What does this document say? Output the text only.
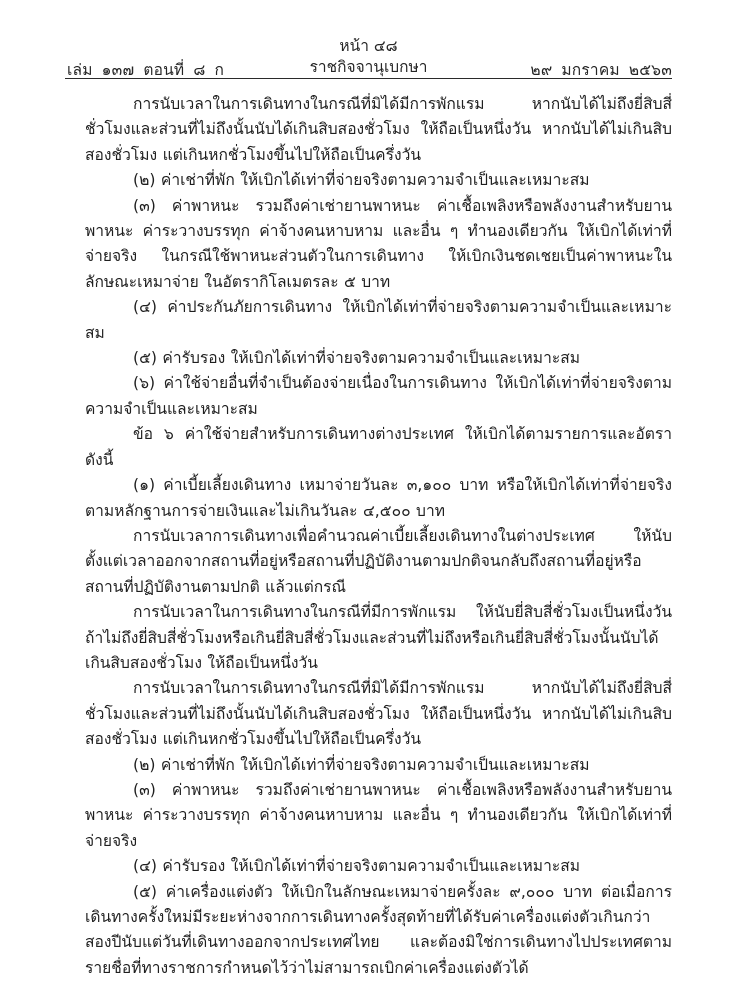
หน้า ๔๘
ราชกิจจานุเบกษา
เล่ม ๑๓๗ ตอนที่ ๘ ก	๒๙ มกราคม ๒๕๖๓

การนับเวลาในการเดินทางในกรณีที่มิได้มีการพักแรม หากนับได้ไม่ถึงยี่สิบสี่ชั่วโมงและส่วนที่ไม่ถึงนั้นนับได้เกินสิบสองชั่วโมง ให้ถือเป็นหนึ่งวัน หากนับได้ไม่เกินสิบสองชั่วโมง แต่เกินหกชั่วโมงขึ้นไปให้ถือเป็นครึ่งวัน

(๒) ค่าเช่าที่พัก ให้เบิกได้เท่าที่จ่ายจริงตามความจำเป็นและเหมาะสม

(๓) ค่าพาหนะ รวมถึงค่าเช่ายานพาหนะ ค่าเชื้อเพลิงหรือพลังงานสำหรับยานพาหนะ ค่าระวางบรรทุก ค่าจ้างคนหาบหาม และอื่น ๆ ทำนองเดียวกัน ให้เบิกได้เท่าที่จ่ายจริง ในกรณีใช้พาหนะส่วนตัวในการเดินทาง ให้เบิกเงินชดเชยเป็นค่าพาหนะในลักษณะเหมาจ่าย ในอัตรากิโลเมตรละ ๕ บาท

(๔) ค่าประกันภัยการเดินทาง ให้เบิกได้เท่าที่จ่ายจริงตามความจำเป็นและเหมาะสม

(๕) ค่ารับรอง ให้เบิกได้เท่าที่จ่ายจริงตามความจำเป็นและเหมาะสม

(๖) ค่าใช้จ่ายอื่นที่จำเป็นต้องจ่ายเนื่องในการเดินทาง ให้เบิกได้เท่าที่จ่ายจริงตามความจำเป็นและเหมาะสม

ข้อ ๖ ค่าใช้จ่ายสำหรับการเดินทางต่างประเทศ ให้เบิกได้ตามรายการและอัตรา ดังนี้

(๑) ค่าเบี้ยเลี้ยงเดินทาง เหมาจ่ายวันละ ๓,๑๐๐ บาท หรือให้เบิกได้เท่าที่จ่ายจริงตามหลักฐานการจ่ายเงินและไม่เกินวันละ ๔,๕๐๐ บาท

การนับเวลาการเดินทางเพื่อคำนวณค่าเบี้ยเลี้ยงเดินทางในต่างประเทศ ให้นับตั้งแต่เวลาออกจากสถานที่อยู่หรือสถานที่ปฏิบัติงานตามปกติจนกลับถึงสถานที่อยู่หรือสถานที่ปฏิบัติงานตามปกติ แล้วแต่กรณี

การนับเวลาในการเดินทางในกรณีที่มีการพักแรม ให้นับยี่สิบสี่ชั่วโมงเป็นหนึ่งวัน ถ้าไม่ถึงยี่สิบสี่ชั่วโมงหรือเกินยี่สิบสี่ชั่วโมงและส่วนที่ไม่ถึงหรือเกินยี่สิบสี่ชั่วโมงนั้นนับได้เกินสิบสองชั่วโมง ให้ถือเป็นหนึ่งวัน

การนับเวลาในการเดินทางในกรณีที่มิได้มีการพักแรม หากนับได้ไม่ถึงยี่สิบสี่ชั่วโมงและส่วนที่ไม่ถึงนั้นนับได้เกินสิบสองชั่วโมง ให้ถือเป็นหนึ่งวัน หากนับได้ไม่เกินสิบสองชั่วโมง แต่เกินหกชั่วโมงขึ้นไปให้ถือเป็นครึ่งวัน

(๒) ค่าเช่าที่พัก ให้เบิกได้เท่าที่จ่ายจริงตามความจำเป็นและเหมาะสม

(๓) ค่าพาหนะ รวมถึงค่าเช่ายานพาหนะ ค่าเชื้อเพลิงหรือพลังงานสำหรับยานพาหนะ ค่าระวางบรรทุก ค่าจ้างคนหาบหาม และอื่น ๆ ทำนองเดียวกัน ให้เบิกได้เท่าที่จ่ายจริง

(๔) ค่ารับรอง ให้เบิกได้เท่าที่จ่ายจริงตามความจำเป็นและเหมาะสม

(๕) ค่าเครื่องแต่งตัว ให้เบิกในลักษณะเหมาจ่ายครั้งละ ๙,๐๐๐ บาท ต่อเมื่อการเดินทางครั้งใหม่มีระยะห่างจากการเดินทางครั้งสุดท้ายที่ได้รับค่าเครื่องแต่งตัวเกินกว่าสองปีนับแต่วันที่เดินทางออกจากประเทศไทย และต้องมิใช่การเดินทางไปประเทศตามรายชื่อที่ทางราชการกำหนดไว้ว่าไม่สามารถเบิกค่าเครื่องแต่งตัวได้
